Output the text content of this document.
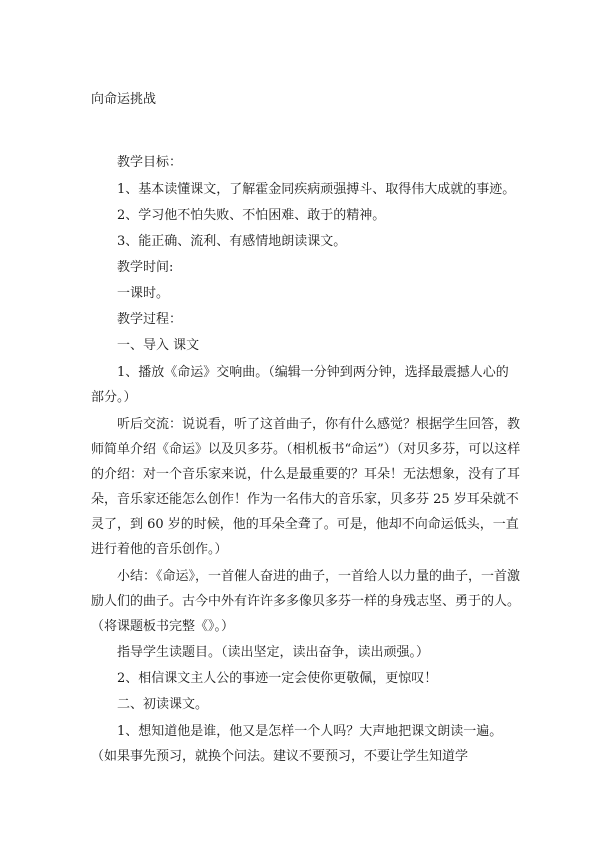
向命运挑战

教学目标：

1、基本读懂课文，了解霍金同疾病顽强搏斗、取得伟大成就的事迹。

2、学习他不怕失败、不怕困难、敢于的精神。

3、能正确、流利、有感情地朗读课文。

教学时间:

一课时。

教学过程：

一、导入 课文

1、播放《命运》交响曲。（编辑一分钟到两分钟，选择最震撼人心的部分。）

听后交流：说说看，听了这首曲子，你有什么感觉？根据学生回答，教师简单介绍《命运》以及贝多芬。（相机板书“命运”）（对贝多芬，可以这样的介绍：对一个音乐家来说，什么是最重要的？耳朵！无法想象，没有了耳朵，音乐家还能怎么创作！作为一名伟大的音乐家，贝多芬 25 岁耳朵就不灵了，到 60 岁的时候，他的耳朵全聋了。可是，他却不向命运低头，一直进行着他的音乐创作。）

小结：《命运》，一首催人奋进的曲子，一首给人以力量的曲子，一首激励人们的曲子。古今中外有许许多多像贝多芬一样的身残志坚、勇于的人。（将课题板书完整《》。）

指导学生读题目。（读出坚定，读出奋争，读出顽强。）

2、相信课文主人公的事迹一定会使你更敬佩，更惊叹！

二、初读课文。

1、想知道他是谁，他又是怎样一个人吗？大声地把课文朗读一遍。（如果事先预习，就换个问法。建议不要预习，不要让学生知道学
